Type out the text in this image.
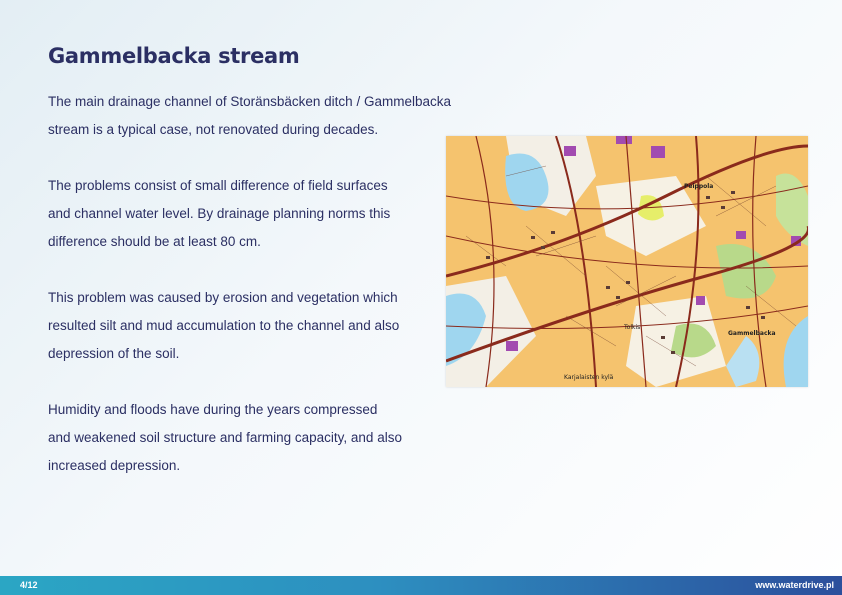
Gammelbacka stream

The main drainage channel of Storänsbäcken ditch / Gammelbacka
stream is a typical case, not renovated during decades.

The problems consist of small difference of field surfaces
and channel water level. By drainage planning norms this
difference should be at least 80 cm.

This problem was caused by erosion and vegetation which
resulted silt and mud accumulation to the channel and also
depression of the soil.

Humidity and floods have during the years compressed
and weakened soil structure and farming capacity, and also
increased depression.

Gammelbacka
Peippola
Tolkis
Karjalaisten kylä
4/12	www.waterdrive.pl
